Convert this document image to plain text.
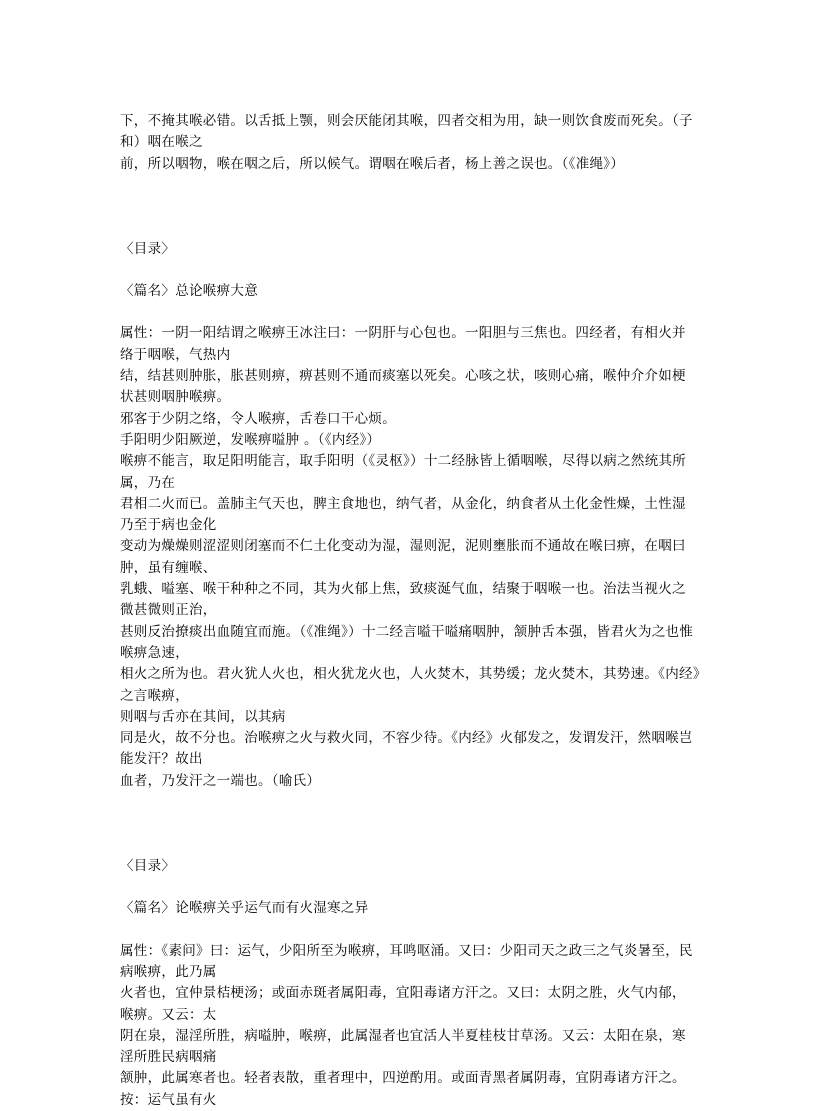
下，不掩其喉必错。以舌抵上颚，则会厌能闭其喉，四者交相为用，缺一则饮食废而死矣。（子
和）咽在喉之
前，所以咽物，喉在咽之后，所以候气。谓咽在喉后者，杨上善之误也。（《准绳》）
〈目录〉
〈篇名〉总论喉痹大意
属性：一阴一阳结谓之喉痹王冰注曰：一阴肝与心包也。一阳胆与三焦也。四经者，有相火并
络于咽喉，气热内
结，结甚则肿胀，胀甚则痹，痹甚则不通而痰塞以死矣。心咳之状，咳则心痛，喉仲介介如梗
状甚则咽肿喉痹。
邪客于少阴之络，令人喉痹，舌卷口干心烦。
手阳明少阳厥逆，发喉痹嗌肿 。（《内经》）
喉痹不能言，取足阳明能言，取手阳明（《灵枢》）十二经脉皆上循咽喉，尽得以病之然统其所
属，乃在
君相二火而已。盖肺主气天也，脾主食地也，纳气者，从金化，纳食者从土化金性燥，土性湿
乃至于病也金化
变动为燥燥则涩涩则闭塞而不仁土化变动为湿，湿则泥，泥则壅胀而不通故在喉曰痹，在咽曰
肿，虽有缠喉、
乳蛾、嗌塞、喉干种种之不同，其为火郁上焦，致痰涎气血，结聚于咽喉一也。治法当视火之
微甚微则正治，
甚则反治撩痰出血随宜而施。（《准绳》）十二经言嗌干嗌痛咽肿，颔肿舌本强，皆君火为之也惟
喉痹急速，
相火之所为也。君火犹人火也，相火犹龙火也，人火焚木，其势缓；龙火焚木，其势速。《内经》
之言喉痹，
则咽与舌亦在其间，以其病
同是火，故不分也。治喉痹之火与救火同，不容少待。《内经》火郁发之，发谓发汗，然咽喉岂
能发汗？故出
血者，乃发汗之一端也。（喻氏）
〈目录〉
〈篇名〉论喉痹关乎运气而有火湿寒之异
属性：《素问》曰：运气，少阳所至为喉痹，耳鸣呕涌。又曰：少阳司天之政三之气炎暑至，民
病喉痹，此乃属
火者也，宜仲景桔梗汤；或面赤斑者属阳毒，宜阳毒诸方汗之。又曰：太阴之胜，火气内郁，
喉痹。又云：太
阴在泉，湿淫所胜，病嗌肿，喉痹，此属湿者也宜活人半夏桂枝甘草汤。又云：太阳在泉，寒
淫所胜民病咽痛
颔肿，此属寒者也。轻者表散，重者理中，四逆酌用。或面青黑者属阴毒，宜阴毒诸方汗之。
按：运气虽有火
